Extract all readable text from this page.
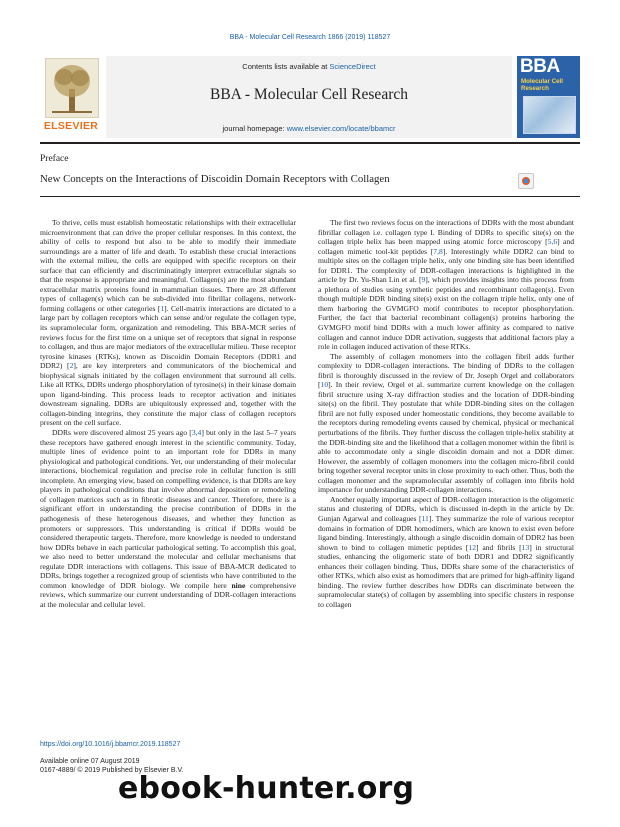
BBA - Molecular Cell Research 1866 (2019) 118527
ELSEVIER
Contents lists available at ScienceDirect
BBA - Molecular Cell Research
journal homepage: www.elsevier.com/locate/bbamcr
BBA
Molecular Cell Research
Preface
New Concepts on the Interactions of Discoidin Domain Receptors with Collagen

To thrive, cells must establish homeostatic relationships with their extracellular microenvironment that can drive the proper cellular responses. In this context, the ability of cells to respond but also to be able to modify their immediate surroundings are a matter of life and death. To establish these crucial interactions with the external milieu, the cells are equipped with specific receptors on their surface that can efficiently and discriminatingly interpret extracellular signals so that the response is appropriate and meaningful. Collagen(s) are the most abundant extracellular matrix proteins found in mammalian tissues. There are 28 different types of collagen(s) which can be sub-divided into fibrillar collagens, network-forming collagens or other categories [1]. Cell-matrix interactions are dictated to a large part by collagen receptors which can sense and/or regulate the collagen type, its supramolecular form, organization and remodeling. This BBA-MCR series of reviews focus for the first time on a unique set of receptors that signal in response to collagen, and thus are major mediators of the extracellular milieu. These receptor tyrosine kinases (RTKs), known as Discoidin Domain Receptors (DDR1 and DDR2) [2], are key interpreters and communicators of the biochemical and biophysical signals initiated by the collagen environment that surround all cells. Like all RTKs, DDRs undergo phosphorylation of tyrosine(s) in their kinase domain upon ligand-binding. This process leads to receptor activation and initiates downstream signaling. DDRs are ubiquitously expressed and, together with the collagen-binding integrins, they constitute the major class of collagen receptors present on the cell surface.

DDRs were discovered almost 25 years ago [3,4] but only in the last 5–7 years these receptors have gathered enough interest in the scientific community. Today, multiple lines of evidence point to an important role for DDRs in many physiological and pathological conditions. Yet, our understanding of their molecular interactions, biochemical regulation and precise role in cellular function is still incomplete. An emerging view, based on compelling evidence, is that DDRs are key players in pathological conditions that involve abnormal deposition or remodeling of collagen matrices such as in fibrotic diseases and cancer. Therefore, there is a significant effort in understanding the precise contribution of DDRs in the pathogenesis of these heterogenous diseases, and whether they function as promoters or suppressors. This understanding is critical if DDRs would be considered therapeutic targets. Therefore, more knowledge is needed to understand how DDRs behave in each particular pathological setting. To accomplish this goal, we also need to better understand the molecular and cellular mechanisms that regulate DDR interactions with collagens. This issue of BBA-MCR dedicated to DDRs, brings together a recognized group of scientists who have contributed to the common knowledge of DDR biology. We compile here nine comprehensive reviews, which summarize our current understanding of DDR-collagen interactions at the molecular and cellular level.

The first two reviews focus on the interactions of DDRs with the most abundant fibrillar collagen i.e. collagen type I. Binding of DDRs to specific site(s) on the collagen triple helix has been mapped using atomic force microscopy [5,6] and collagen mimetic tool-kit peptides [7,8]. Interestingly while DDR2 can bind to multiple sites on the collagen triple helix, only one binding site has been identified for DDR1. The complexity of DDR-collagen interactions is highlighted in the article by Dr. Yu-Shan Lin et al. [9], which provides insights into this process from a plethora of studies using synthetic peptides and recombinant collagen(s). Even though multiple DDR binding site(s) exist on the collagen triple helix, only one of them harboring the GVMGFO motif contributes to receptor phosphorylation. Further, the fact that bacterial recombinant collagen(s) proteins harboring the GVMGFO motif bind DDRs with a much lower affinity as compared to native collagen and cannot induce DDR activation, suggests that additional factors play a role in collagen induced activation of these RTKs.

The assembly of collagen monomers into the collagen fibril adds further complexity to DDR-collagen interactions. The binding of DDRs to the collagen fibril is thoroughly discussed in the review of Dr. Joseph Orgel and collaborators [10]. In their review, Orgel et al. summarize current knowledge on the collagen fibril structure using X-ray diffraction studies and the location of DDR-binding site(s) on the fibril. They postulate that while DDR-binding sites on the collagen fibril are not fully exposed under homeostatic conditions, they become available to the receptors during remodeling events caused by chemical, physical or mechanical perturbations of the fibrils. They further discuss the collagen triple-helix stability at the DDR-binding site and the likelihood that a collagen monomer within the fibril is able to accommodate only a single discoidin domain and not a DDR dimer. However, the assembly of collagen monomers into the collagen micro-fibril could bring together several receptor units in close proximity to each other. Thus, both the collagen monomer and the supramolecular assembly of collagen into fibrils hold importance for understanding DDR-collagen interactions.

Another equally important aspect of DDR-collagen interaction is the oligomeric status and clustering of DDRs, which is discussed in-depth in the article by Dr. Gunjan Agarwal and colleagues [11]. They summarize the role of various receptor domains in formation of DDR homodimers, which are known to exist even before ligand binding. Interestingly, although a single discoidin domain of DDR2 has been shown to bind to collagen mimetic peptides [12] and fibrils [13] in structural studies, enhancing the oligomeric state of both DDR1 and DDR2 significantly enhances their collagen binding. Thus, DDRs share some of the characteristics of other RTKs, which also exist as homodimers that are primed for high-affinity ligand binding. The review further describes how DDRs can discriminate between the supramolecular state(s) of collagen by assembling into specific clusters in response to collagen

https://doi.org/10.1016/j.bbamcr.2019.118527
Available online 07 August 2019
0167-4889/ © 2019 Published by Elsevier B.V.
ebook-hunter.org
